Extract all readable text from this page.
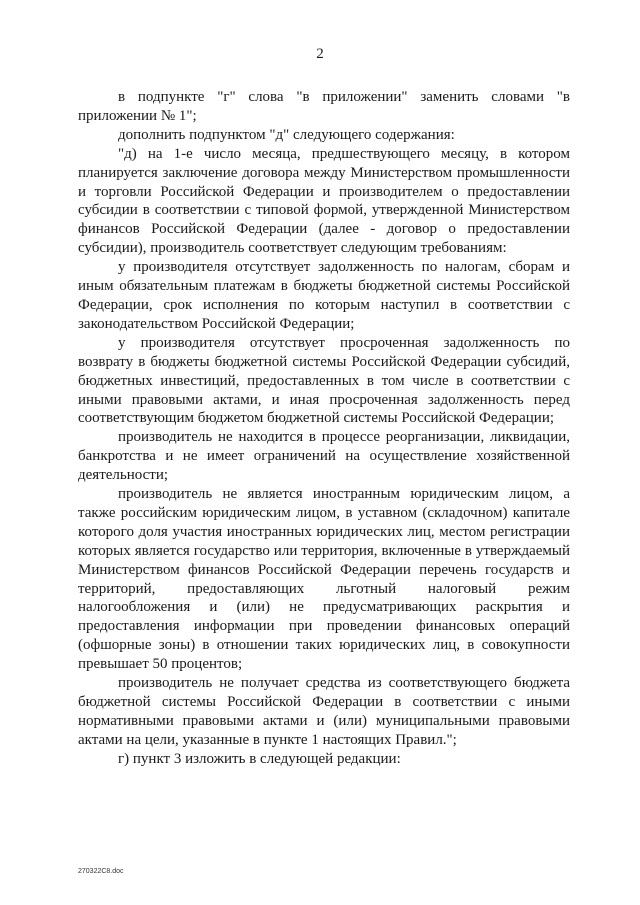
2

в подпункте "г" слова "в приложении" заменить словами "в приложении № 1";

дополнить подпунктом "д" следующего содержания:

"д) на 1-е число месяца, предшествующего месяцу, в котором планируется заключение договора между Министерством промышленности и торговли Российской Федерации и производителем о предоставлении субсидии в соответствии с типовой формой, утвержденной Министерством финансов Российской Федерации (далее - договор о предоставлении субсидии), производитель соответствует следующим требованиям:

у производителя отсутствует задолженность по налогам, сборам и иным обязательным платежам в бюджеты бюджетной системы Российской Федерации, срок исполнения по которым наступил в соответствии с законодательством Российской Федерации;

у производителя отсутствует просроченная задолженность по возврату в бюджеты бюджетной системы Российской Федерации субсидий, бюджетных инвестиций, предоставленных в том числе в соответствии с иными правовыми актами, и иная просроченная задолженность перед соответствующим бюджетом бюджетной системы Российской Федерации;

производитель не находится в процессе реорганизации, ликвидации, банкротства и не имеет ограничений на осуществление хозяйственной деятельности;

производитель не является иностранным юридическим лицом, а также российским юридическим лицом, в уставном (складочном) капитале которого доля участия иностранных юридических лиц, местом регистрации которых является государство или территория, включенные в утверждаемый Министерством финансов Российской Федерации перечень государств и территорий, предоставляющих льготный налоговый режим налогообложения и (или) не предусматривающих раскрытия и предоставления информации при проведении финансовых операций (офшорные зоны) в отношении таких юридических лиц, в совокупности превышает 50 процентов;

производитель не получает средства из соответствующего бюджета бюджетной системы Российской Федерации в соответствии с иными нормативными правовыми актами и (или) муниципальными правовыми актами на цели, указанные в пункте 1 настоящих Правил.";

г) пункт 3 изложить в следующей редакции:

270322C8.doc
